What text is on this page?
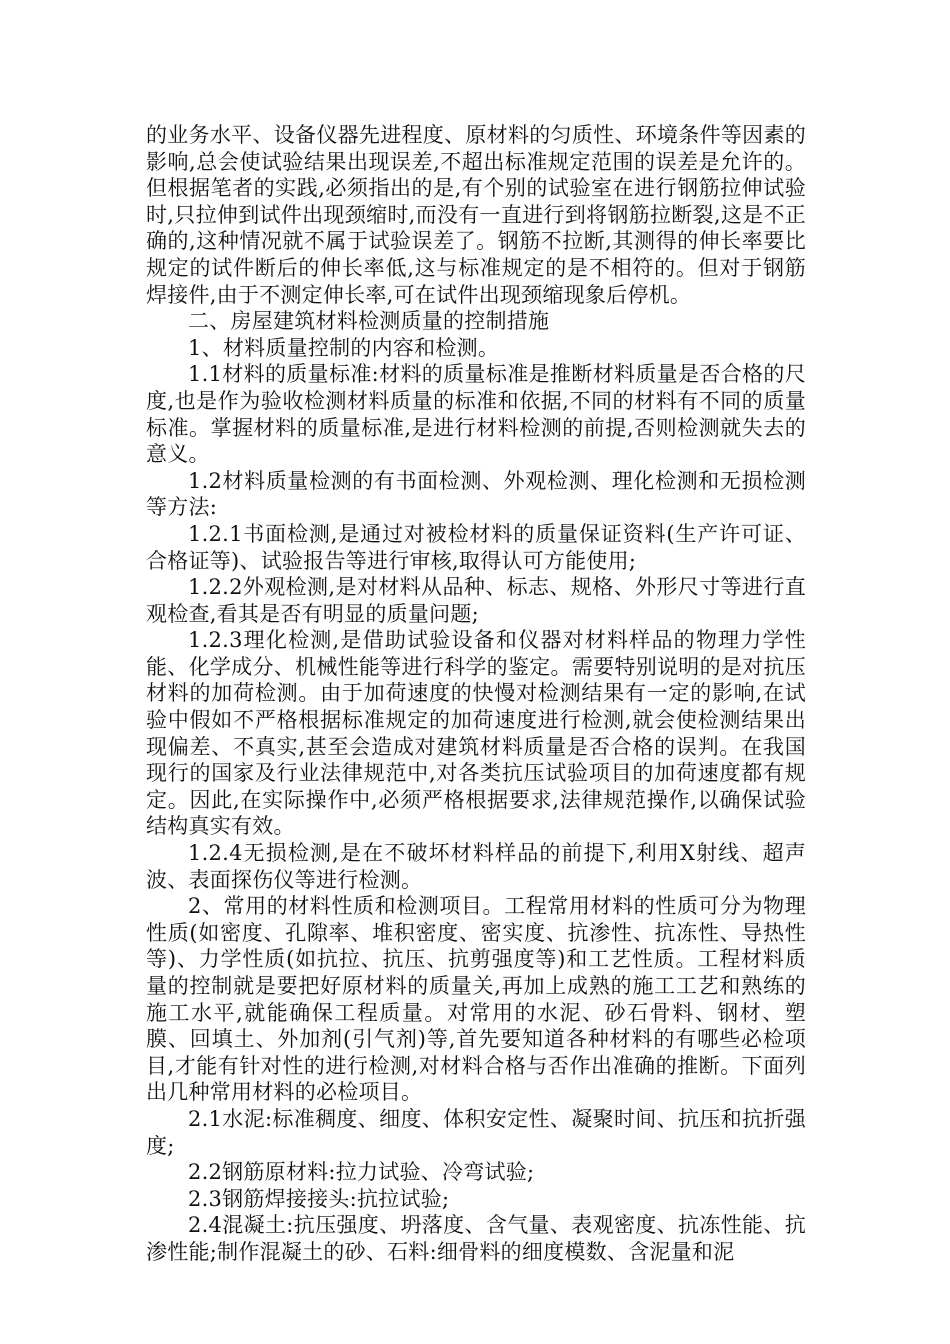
的业务水平、设备仪器先进程度、原材料的匀质性、环境条件等因素的影响,总会使试验结果出现误差,不超出标准规定范围的误差是允许的。但根据笔者的实践,必须指出的是,有个别的试验室在进行钢筋拉伸试验时,只拉伸到试件出现颈缩时,而没有一直进行到将钢筋拉断裂,这是不正确的,这种情况就不属于试验误差了。钢筋不拉断,其测得的伸长率要比规定的试件断后的伸长率低,这与标准规定的是不相符的。但对于钢筋焊接件,由于不测定伸长率,可在试件出现颈缩现象后停机。

二、房屋建筑材料检测质量的控制措施

1、材料质量控制的内容和检测。

1.1材料的质量标准:材料的质量标准是推断材料质量是否合格的尺度,也是作为验收检测材料质量的标准和依据,不同的材料有不同的质量标准。掌握材料的质量标准,是进行材料检测的前提,否则检测就失去的意义。

1.2材料质量检测的有书面检测、外观检测、理化检测和无损检测等方法:

1.2.1书面检测,是通过对被检材料的质量保证资料(生产许可证、合格证等)、试验报告等进行审核,取得认可方能使用;

1.2.2外观检测,是对材料从品种、标志、规格、外形尺寸等进行直观检查,看其是否有明显的质量问题;

1.2.3理化检测,是借助试验设备和仪器对材料样品的物理力学性能、化学成分、机械性能等进行科学的鉴定。需要特别说明的是对抗压材料的加荷检测。由于加荷速度的快慢对检测结果有一定的影响,在试验中假如不严格根据标准规定的加荷速度进行检测,就会使检测结果出现偏差、不真实,甚至会造成对建筑材料质量是否合格的误判。在我国现行的国家及行业法律规范中,对各类抗压试验项目的加荷速度都有规定。因此,在实际操作中,必须严格根据要求,法律规范操作,以确保试验结构真实有效。

1.2.4无损检测,是在不破坏材料样品的前提下,利用X射线、超声波、表面探伤仪等进行检测。

2、常用的材料性质和检测项目。工程常用材料的性质可分为物理性质(如密度、孔隙率、堆积密度、密实度、抗渗性、抗冻性、导热性等)、力学性质(如抗拉、抗压、抗剪强度等)和工艺性质。工程材料质量的控制就是要把好原材料的质量关,再加上成熟的施工工艺和熟练的施工水平,就能确保工程质量。对常用的水泥、砂石骨料、钢材、塑膜、回填土、外加剂(引气剂)等,首先要知道各种材料的有哪些必检项目,才能有针对性的进行检测,对材料合格与否作出准确的推断。下面列出几种常用材料的必检项目。

2.1水泥:标准稠度、细度、体积安定性、凝聚时间、抗压和抗折强度;

2.2钢筋原材料:拉力试验、冷弯试验;

2.3钢筋焊接接头:抗拉试验;

2.4混凝土:抗压强度、坍落度、含气量、表观密度、抗冻性能、抗渗性能;制作混凝土的砂、石料:细骨料的细度模数、含泥量和泥
